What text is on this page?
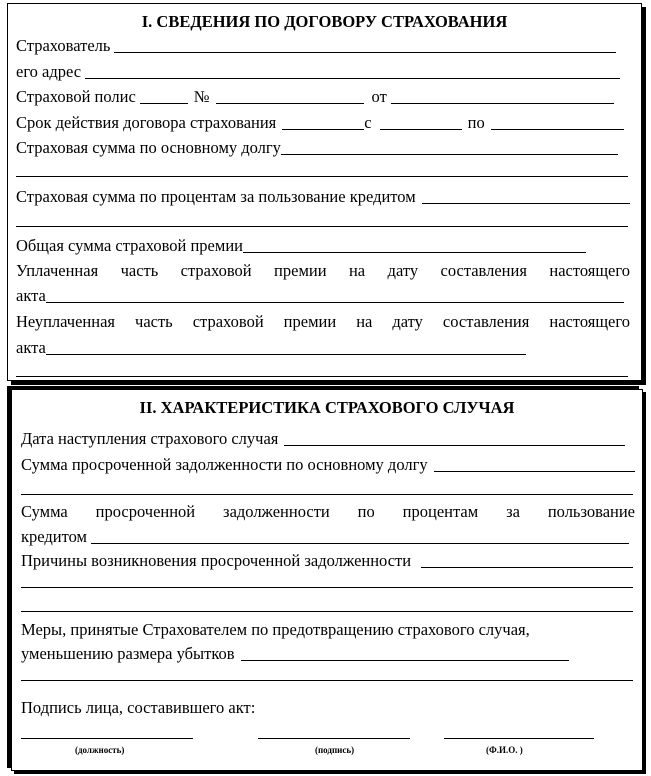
I. СВЕДЕНИЯ ПО ДОГОВОРУ СТРАХОВАНИЯ
Страхователь
его адрес
Страховой полис	№	от
Срок действия договора страхования	с	по
Страховая сумма по основному долгу
Страховая сумма по процентам за пользование кредитом
Общая сумма страховой премии
Уплаченная часть страховой премии на дату составления настоящего
акта
Неуплаченная часть страховой премии на дату составления настоящего
акта
II. ХАРАКТЕРИСТИКА СТРАХОВОГО СЛУЧАЯ
Дата наступления страхового случая
Сумма просроченной задолженности по основному долгу
Сумма просроченной задолженности по процентам за пользование
кредитом
Причины возникновения просроченной задолженности
Меры, принятые Страхователем по предотвращению страхового случая,
уменьшению размера убытков
Подпись лица, составившего акт:
(должность)	(подпись)	(Ф.И.О. )
